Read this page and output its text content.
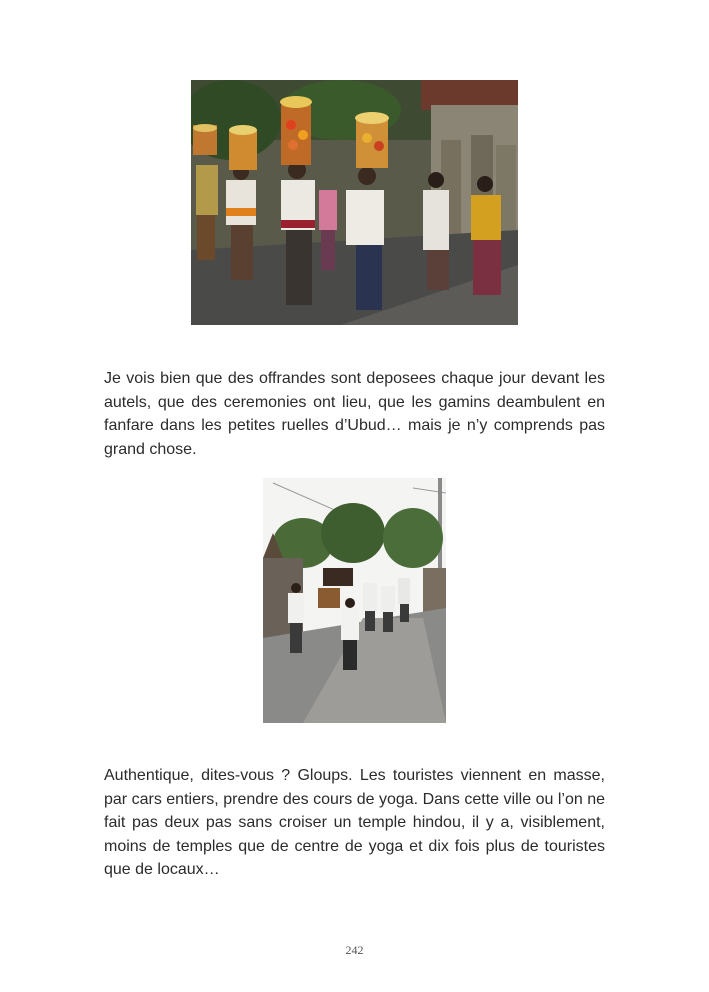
Je vois bien que des offrandes sont deposees chaque jour devant les autels, que des ceremonies ont lieu, que les gamins deambulent en fanfare dans les petites ruelles d’Ubud… mais je n’y comprends pas grand chose.

Authentique, dites-vous ? Gloups. Les touristes viennent en masse, par cars entiers, prendre des cours de yoga. Dans cette ville ou l’on ne fait pas deux pas sans croiser un temple hindou, il y a, visiblement, moins de temples que de centre de yoga et dix fois plus de touristes que de locaux…

242
